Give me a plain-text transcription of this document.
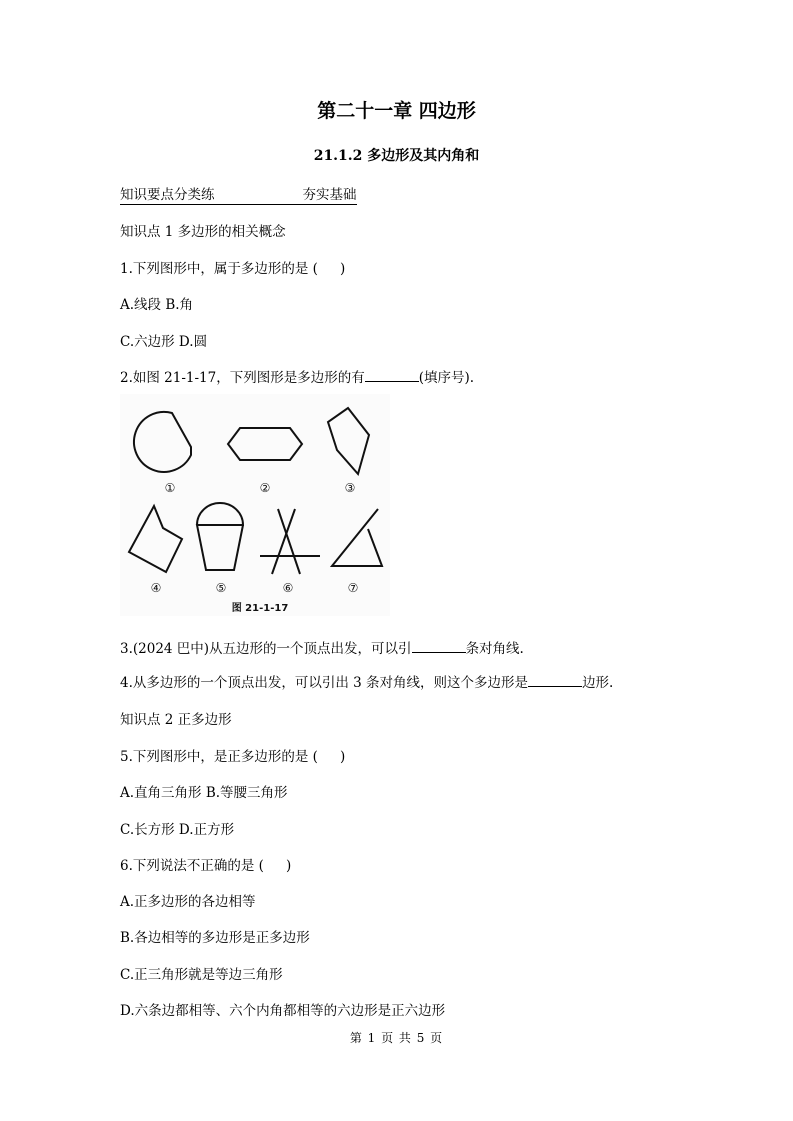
第二十一章 四边形
21.1.2 多边形及其内角和
知识要点分类练	夯实基础
知识点 1 多边形的相关概念
1.下列图形中，属于多边形的是 ( )
A.线段 B.角
C.六边形 D.圆
2.如图 21-1-17，下列图形是多边形的有	(填序号).
①	②	③
④	⑤	⑥	⑦
图 21-1-17
3.(2024 巴中)从五边形的一个顶点出发，可以引	条对角线.
4.从多边形的一个顶点出发，可以引出 3 条对角线，则这个多边形是	边形.
知识点 2 正多边形
5.下列图形中，是正多边形的是 ( )
A.直角三角形 B.等腰三角形
C.长方形 D.正方形
6.下列说法不正确的是 ( )
A.正多边形的各边相等
B.各边相等的多边形是正多边形
C.正三角形就是等边三角形
D.六条边都相等、六个内角都相等的六边形是正六边形
第 1 页 共 5 页
